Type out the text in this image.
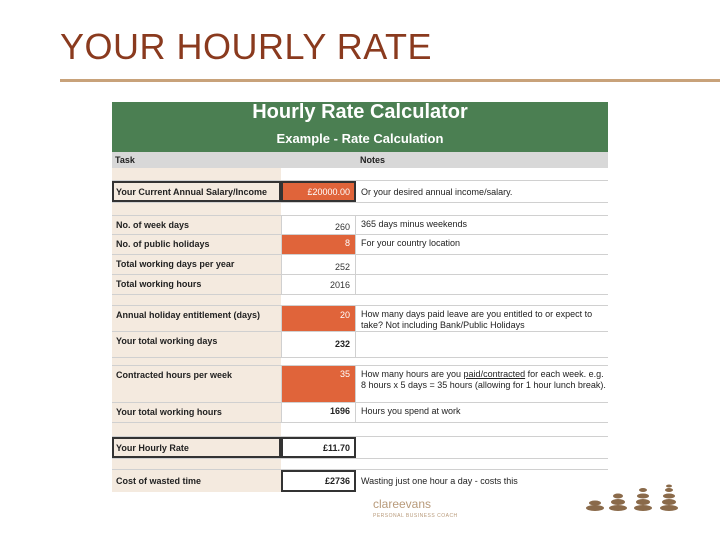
YOUR HOURLY RATE
Hourly Rate Calculator
Example - Rate Calculation
Task	Notes
Your Current Annual Salary/Income	£20000.00	Or your desired annual income/salary.
No. of week days	260	365 days minus weekends
No. of public holidays	8	For your country location
Total working days per year	252
Total working hours	2016
Annual holiday entitlement (days)	20	How many days paid leave are you entitled to or expect to take? Not including Bank/Public Holidays
Your total working days	232
Contracted hours per week	35	How many hours are you paid/contracted for each week. e.g. 8 hours x 5 days = 35 hours (allowing for 1 hour lunch break).
Your total working hours	1696	Hours you spend at work
Your Hourly Rate	£11.70
Cost of wasted time	£2736	Wasting just one hour a day - costs this
clareevans
PERSONAL BUSINESS COACH
